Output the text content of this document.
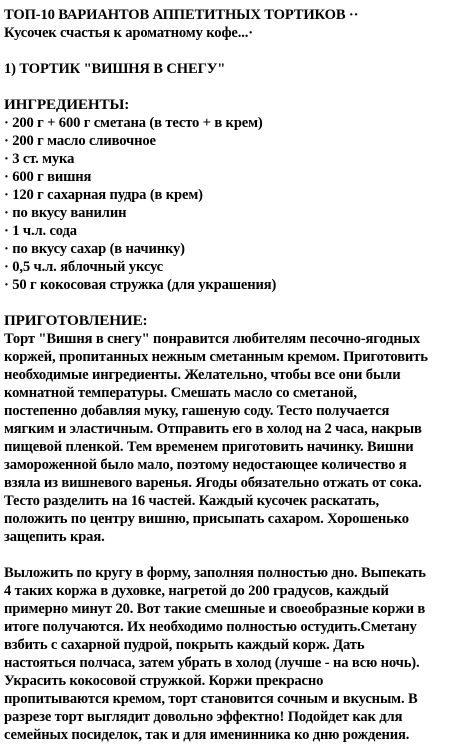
ТОП-10 ВАРИАНТОВ АППЕТИТНЫХ ТОРТИКОВ ··
Кусочек счастья к ароматному кофе...·
1) ТОРТИК "ВИШНЯ В СНЕГУ"
ИНГРЕДИЕНТЫ:
· 200 г + 600 г сметана (в тесто + в крем)
· 200 г масло сливочное
· 3 ст. мука
· 600 г вишня
· 120 г сахарная пудра (в крем)
· по вкусу ванилин
· 1 ч.л. сода
· по вкусу сахар (в начинку)
· 0,5 ч.л. яблочный уксус
· 50 г кокосовая стружка (для украшения)
ПРИГОТОВЛЕНИЕ:
Торт "Вишня в снегу" понравится любителям песочно-ягодных
коржей, пропитанных нежным сметанным кремом. Приготовить
необходимые ингредиенты. Желательно, чтобы все они были
комнатной температуры. Смешать масло со сметаной,
постепенно добавляя муку, гашеную соду. Тесто получается
мягким и эластичным. Отправить его в холод на 2 часа, накрыв
пищевой пленкой. Тем временем приготовить начинку. Вишни
замороженной было мало, поэтому недостающее количество я
взяла из вишневого варенья. Ягоды обязательно отжать от сока.
Тесто разделить на 16 частей. Каждый кусочек раскатать,
положить по центру вишню, присыпать сахаром. Хорошенько
защепить края.
Выложить по кругу в форму, заполняя полностью дно. Выпекать
4 таких коржа в духовке, нагретой до 200 градусов, каждый
примерно минут 20. Вот такие смешные и своеобразные коржи в
итоге получаются. Их необходимо полностью остудить.Сметану
взбить с сахарной пудрой, покрыть каждый корж. Дать
настояться полчаса, затем убрать в холод (лучше - на всю ночь).
Украсить кокосовой стружкой. Коржи прекрасно
пропитываются кремом, торт становится сочным и вкусным. В
разрезе торт выглядит довольно эффектно! Подойдет как для
семейных посиделок, так и для именинника ко дню рождения.
